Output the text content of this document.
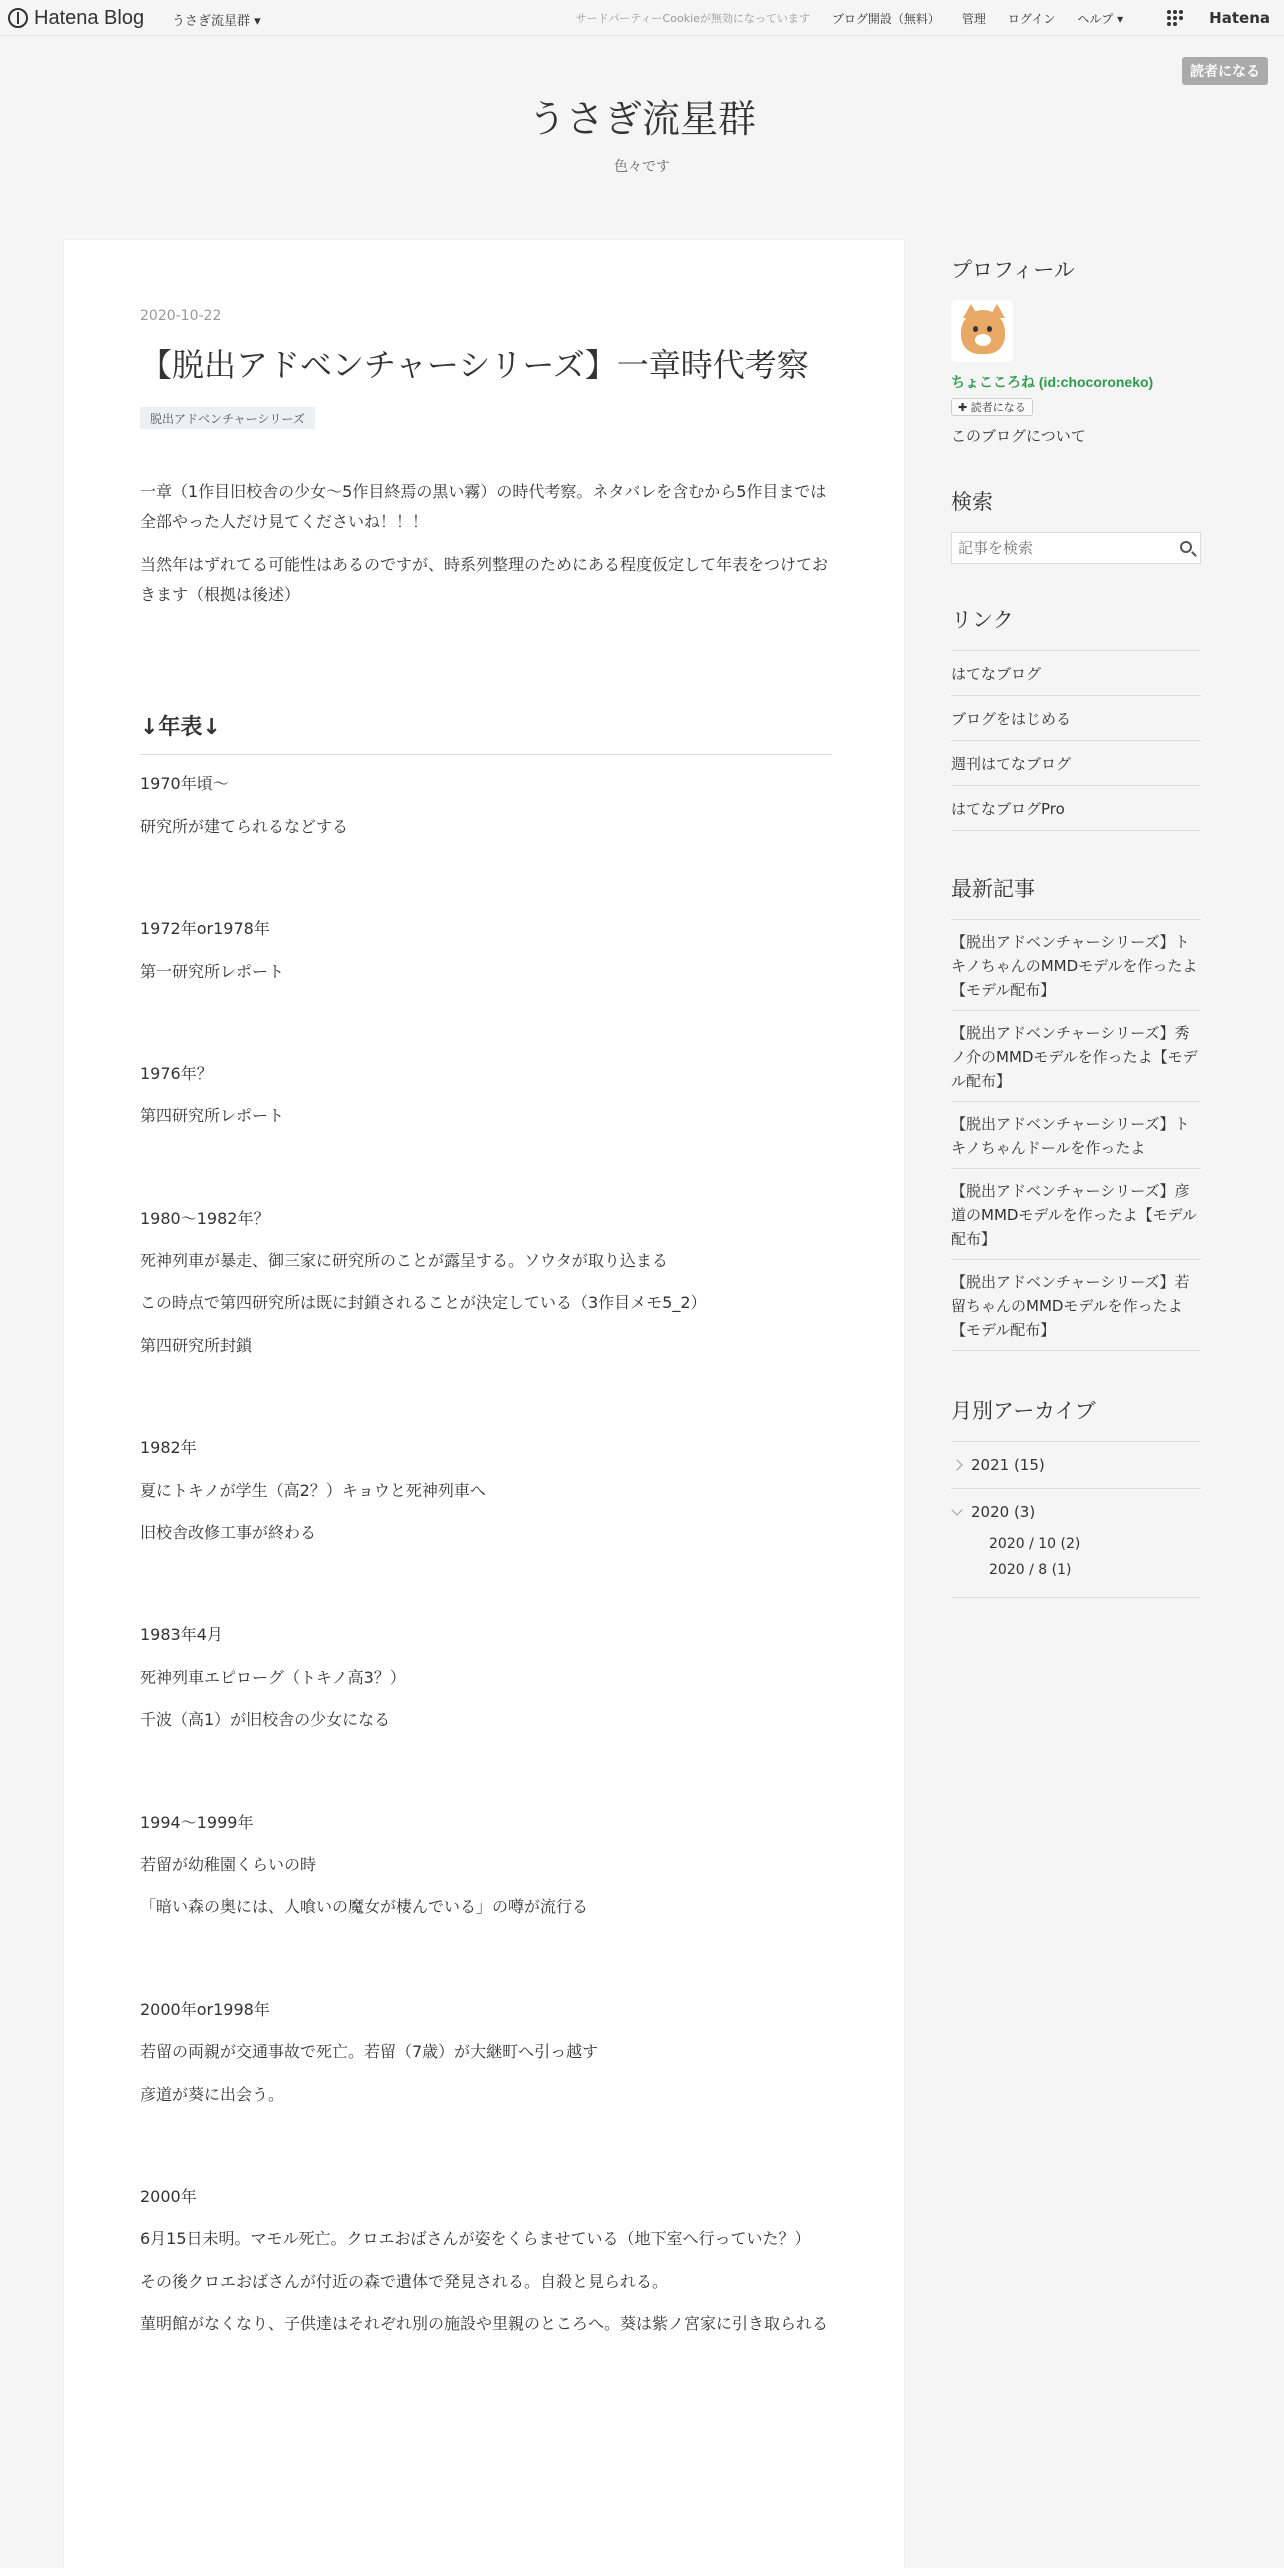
Hatena Blog うさぎ流星群 ▾	サードパーティーCookieが無効になっています ブログ開設（無料） 管理 ログイン ヘルプ ▾	Hatena
読者になる
うさぎ流星群
色々です
2020-10-22
【脱出アドベンチャーシリーズ】一章時代考察
脱出アドベンチャーシリーズ

一章（1作目旧校舎の少女〜5作目終焉の黒い霧）の時代考察。ネタバレを含むから5作目までは全部やった人だけ見てくださいね！！！

当然年はずれてる可能性はあるのですが、時系列整理のためにある程度仮定して年表をつけておきます（根拠は後述）

↓年表↓

1970年頃〜

研究所が建てられるなどする

1972年or1978年

第一研究所レポート

1976年？

第四研究所レポート

1980〜1982年？

死神列車が暴走、御三家に研究所のことが露呈する。ソウタが取り込まる

この時点で第四研究所は既に封鎖されることが決定している（3作目メモ5_2）

第四研究所封鎖

1982年

夏にトキノが学生（高2？）キョウと死神列車へ

旧校舎改修工事が終わる

1983年4月

死神列車エピローグ（トキノ高3？）

千波（高1）が旧校舎の少女になる

1994〜1999年

若留が幼稚園くらいの時

「暗い森の奥には、人喰いの魔女が棲んでいる」の噂が流行る

2000年or1998年

若留の両親が交通事故で死亡。若留（7歳）が大継町へ引っ越す

彦道が葵に出会う。

2000年

6月15日未明。マモル死亡。クロエおばさんが姿をくらませている（地下室へ行っていた？）

その後クロエおばさんが付近の森で遺体で発見される。自殺と見られる。

菫明館がなくなり、子供達はそれぞれ別の施設や里親のところへ。葵は紫ノ宮家に引き取られる

プロフィール
ちょこころね (id:chocoroneko)
✚ 読者になる
このブログについて
検索
記事を検索
リンク
はてなブログ
ブログをはじめる
週刊はてなブログ
はてなブログPro
最新記事
【脱出アドベンチャーシリーズ】トキノちゃんのMMDモデルを作ったよ【モデル配布】
【脱出アドベンチャーシリーズ】秀ノ介のMMDモデルを作ったよ【モデル配布】
【脱出アドベンチャーシリーズ】トキノちゃんドールを作ったよ
【脱出アドベンチャーシリーズ】彦道のMMDモデルを作ったよ【モデル配布】
【脱出アドベンチャーシリーズ】若留ちゃんのMMDモデルを作ったよ【モデル配布】
月別アーカイブ
2021 (15)
2020 (3)
2020 / 10 (2)
2020 / 8 (1)
